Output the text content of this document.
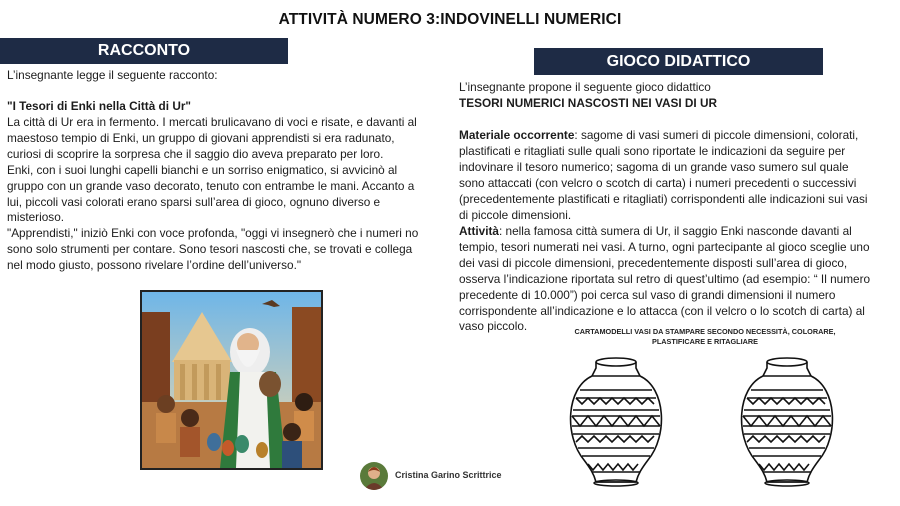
ATTIVITÀ NUMERO 3:INDOVINELLI NUMERICI
RACCONTO
L’insegnante legge il seguente racconto:
"I Tesori di Enki nella Città di Ur"
La città di Ur era in fermento. I mercati brulicavano di voci e risate, e davanti al
maestoso tempio di Enki, un gruppo di giovani apprendisti si era radunato,
curiosi di scoprire la sorpresa che il saggio dio aveva preparato per loro.
Enki, con i suoi lunghi capelli bianchi e un sorriso enigmatico, si avvicinò al
gruppo con un grande vaso decorato, tenuto con entrambe le mani. Accanto a
lui, piccoli vasi colorati erano sparsi sull’area di gioco, ognuno diverso e
misterioso.
"Apprendisti," iniziò Enki con voce profonda, "oggi vi insegnerò che i numeri no
sono solo strumenti per contare. Sono tesori nascosti che, se trovati e collega
nel modo giusto, possono rivelare l’ordine dell’universo."
Cristina Garino Scrittrice
GIOCO DIDATTICO
L’insegnante propone il seguente gioco didattico
TESORI NUMERICI NASCOSTI NEI VASI DI UR
Materiale occorrente: sagome di vasi sumeri di piccole dimensioni, colorati,
plastificati e ritagliati sulle quali sono riportate le indicazioni da seguire per
indovinare il tesoro numerico; sagoma di un grande vaso sumero sul quale
sono attaccati (con velcro o scotch di carta) i numeri precedenti o successivi
(precedentemente plastificati e ritagliati) corrispondenti alle indicazioni sui vasi
di piccole dimensioni.
Attività: nella famosa città sumera di Ur, il saggio Enki nasconde davanti al
tempio, tesori numerati nei vasi. A turno, ogni partecipante al gioco sceglie uno
dei vasi di piccole dimensioni, precedentemente disposti sull’area di gioco,
osserva l’indicazione riportata sul retro di quest’ultimo (ad esempio: “ Il numero
precedente di 10.000”) poi cerca sul vaso di grandi dimensioni il numero
corrispondente all’indicazione e lo attacca (con il velcro o lo scotch di carta) al
vaso piccolo.	CARTAMODELLI VASI DA STAMPARE SECONDO NECESSITÀ, COLORARE,
PLASTIFICARE E RITAGLIARE
